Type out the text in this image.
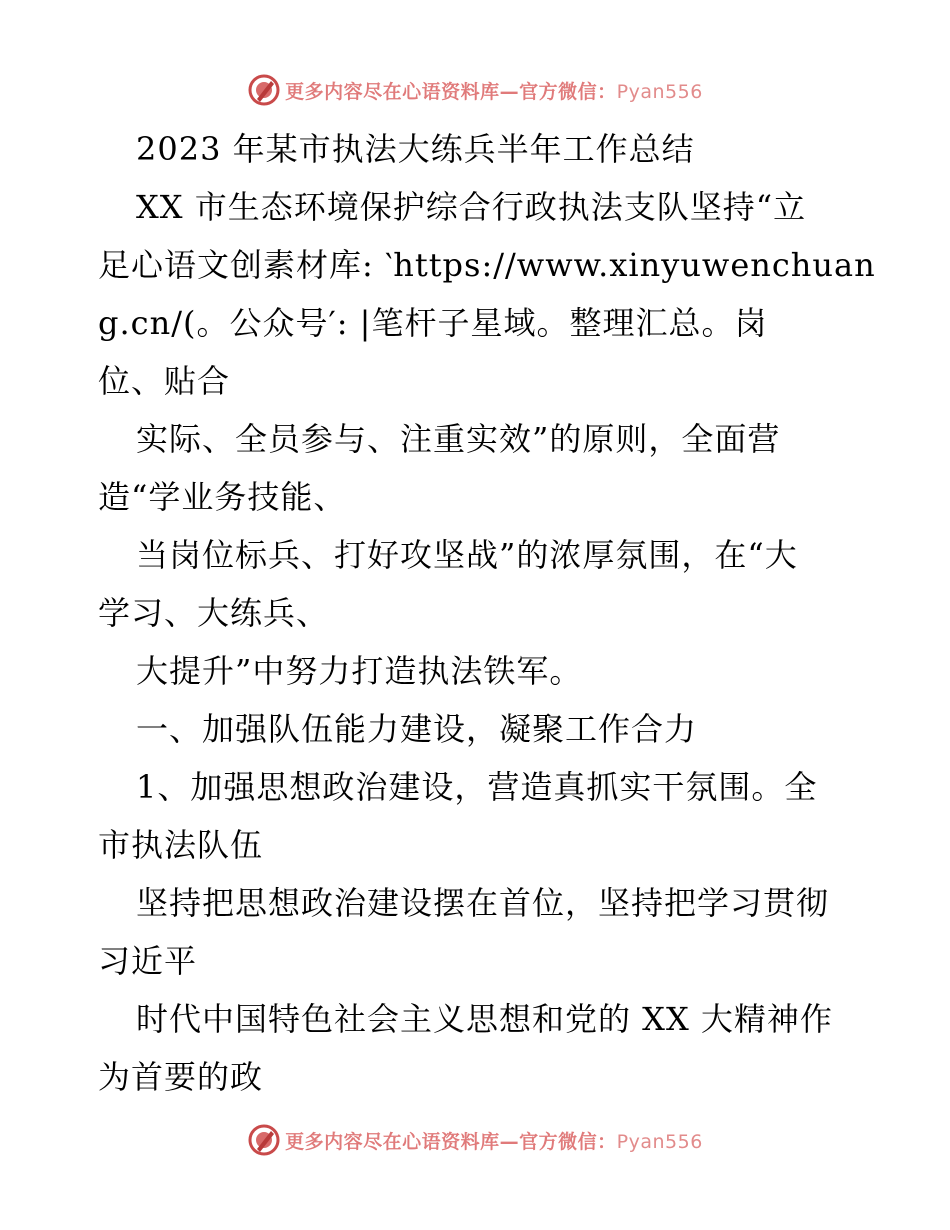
更多内容尽在心语资料库—官方微信：Pyan556
2023 年某市执法大练兵半年工作总结
XX 市生态环境保护综合行政执法支队坚持“立
足心语文创素材库: ‵https://www.xinyuwenchuan
g.cn/(。公众号′: |笔杆子星域。整理汇总。岗
位、贴合
实际、全员参与、注重实效”的原则，全面营
造“学业务技能、
当岗位标兵、打好攻坚战”的浓厚氛围，在“大
学习、大练兵、
大提升”中努力打造执法铁军。
一、加强队伍能力建设，凝聚工作合力
1、加强思想政治建设，营造真抓实干氛围。全
市执法队伍
坚持把思想政治建设摆在首位，坚持把学习贯彻
习近平
时代中国特色社会主义思想和党的 XX 大精神作
为首要的政
更多内容尽在心语资料库—官方微信：Pyan556
